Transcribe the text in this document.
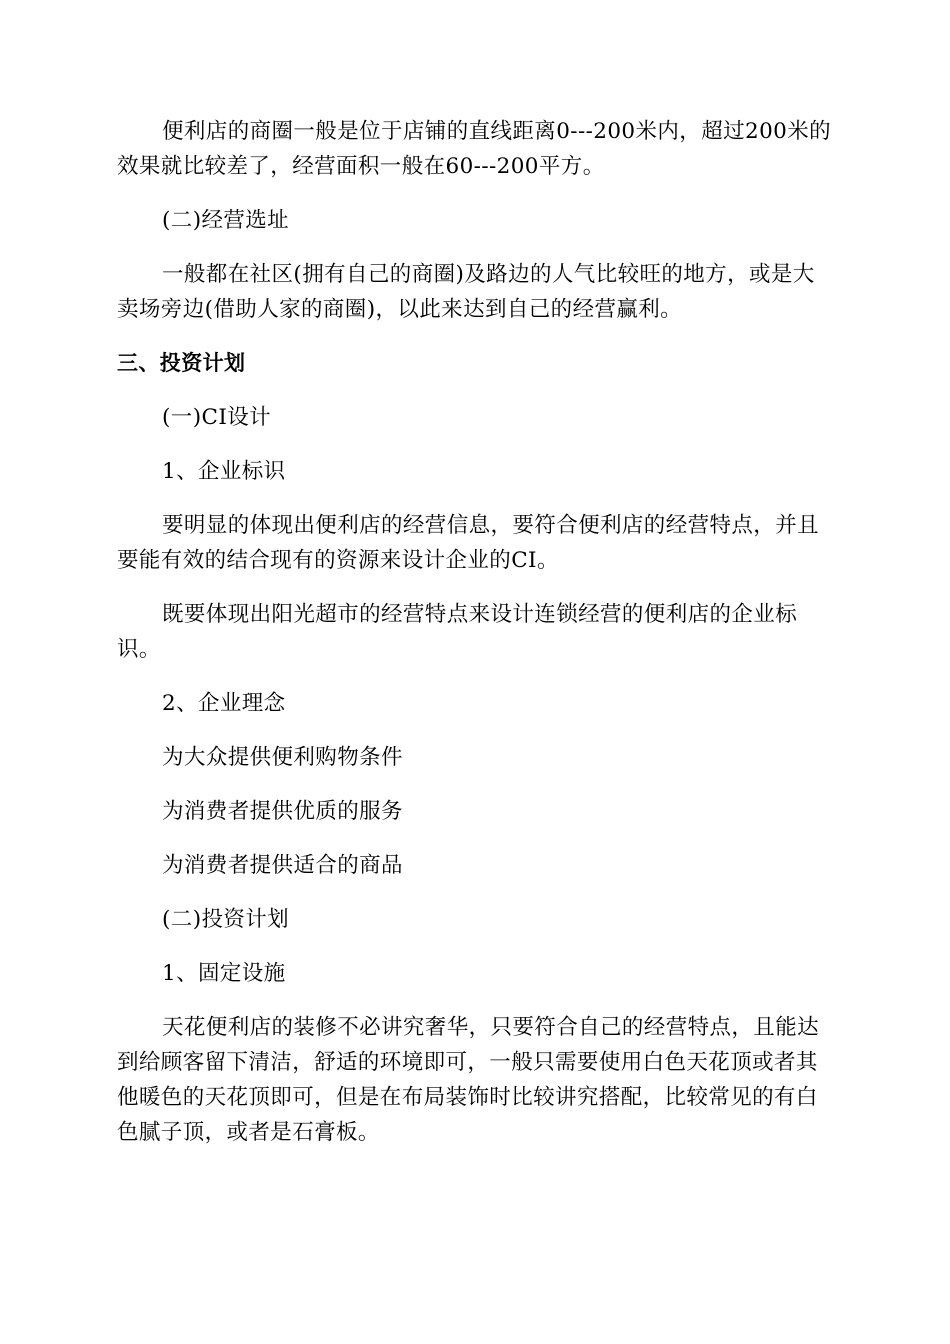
便利店的商圈一般是位于店铺的直线距离0---200米内，超过200米的效果就比较差了，经营面积一般在60---200平方。

(二)经营选址

一般都在社区(拥有自己的商圈)及路边的人气比较旺的地方，或是大卖场旁边(借助人家的商圈)，以此来达到自己的经营赢利。

三、投资计划

(一)CI设计

1、企业标识

要明显的体现出便利店的经营信息，要符合便利店的经营特点，并且要能有效的结合现有的资源来设计企业的CI。

既要体现出阳光超市的经营特点来设计连锁经营的便利店的企业标识。

2、企业理念

为大众提供便利购物条件

为消费者提供优质的服务

为消费者提供适合的商品

(二)投资计划

1、固定设施

天花便利店的装修不必讲究奢华，只要符合自己的经营特点，且能达到给顾客留下清洁，舒适的环境即可，一般只需要使用白色天花顶或者其他暖色的天花顶即可，但是在布局装饰时比较讲究搭配，比较常见的有白色腻子顶，或者是石膏板。
